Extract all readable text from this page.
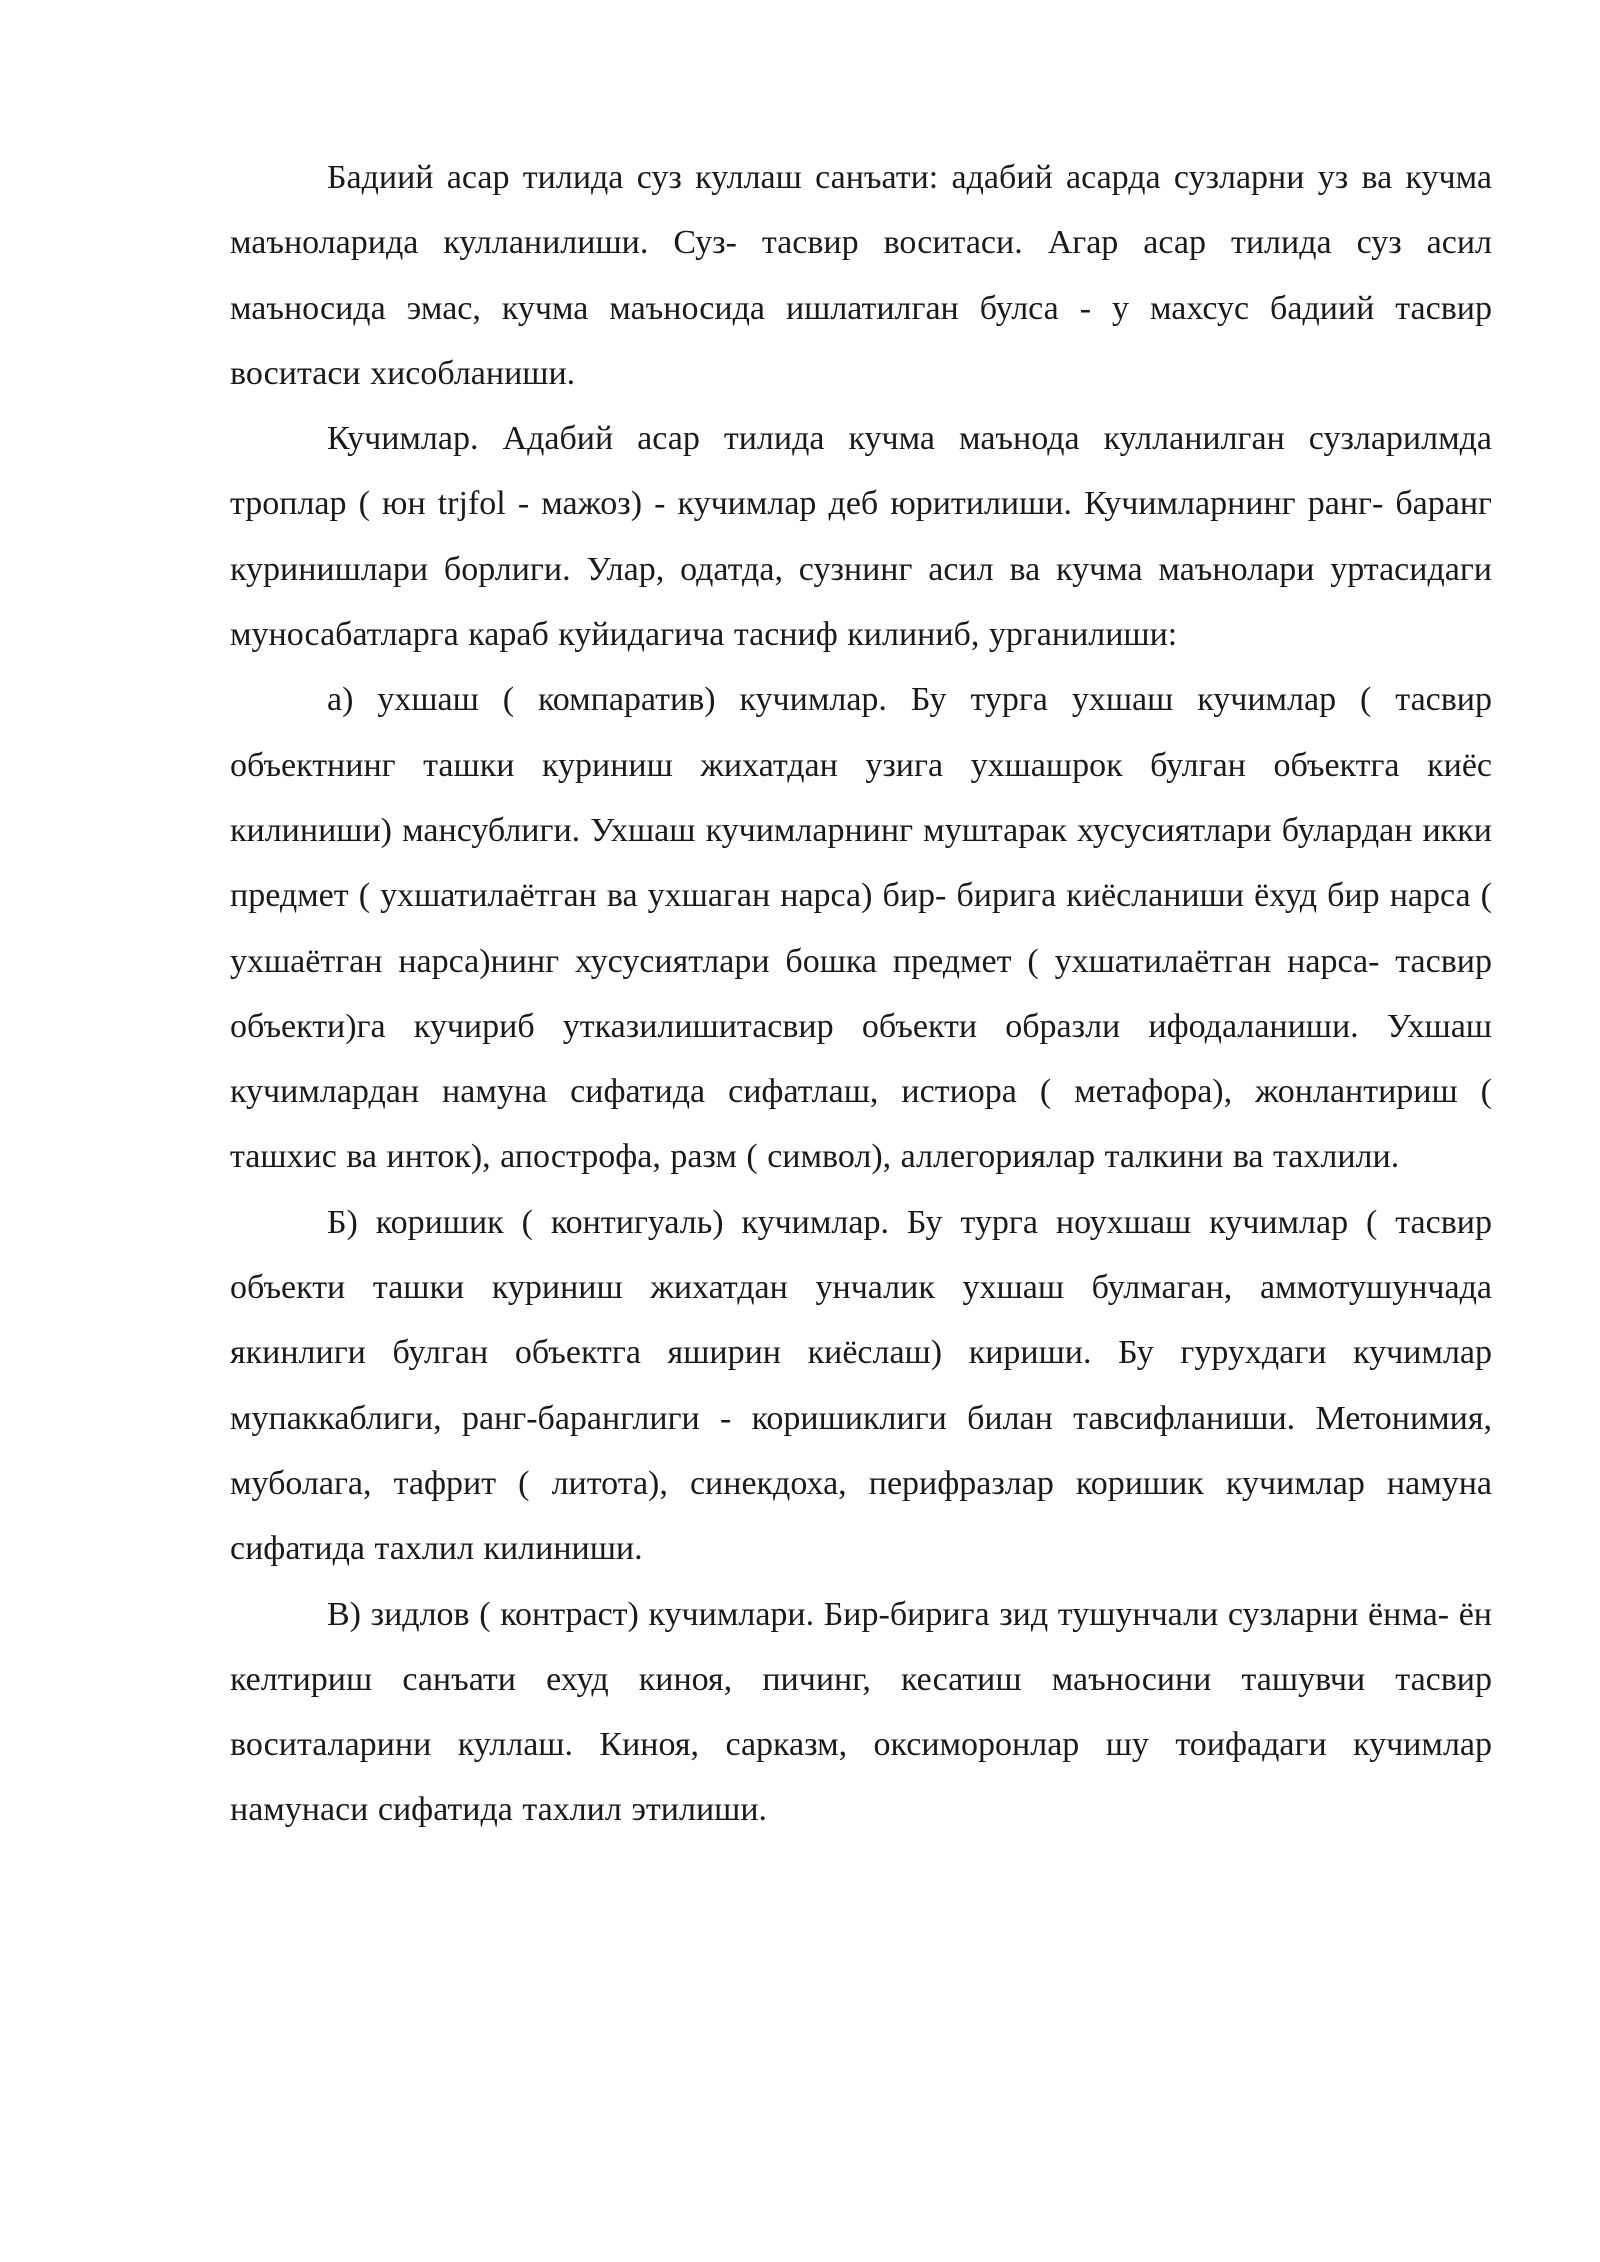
Бадиий асар тилида суз куллаш санъати: адабий асарда сузларни уз ва кучма маъноларида кулланилиши. Суз- тасвир воситаси. Агар асар тилида суз асил маъносида эмас, кучма маъносида ишлатилган булса - у махсус бадиий тасвир воситаси хисобланиши.

Кучимлар. Адабий асар тилида кучма маънода кулланилган сузларилмда троплар ( юн trjfol - мажоз) - кучимлар деб юритилиши. Кучимларнинг ранг- баранг куринишлари борлиги. Улар, одатда, сузнинг асил ва кучма маънолари уртасидаги муносабатларга караб куйидагича тасниф килиниб, урганилиши:

а) ухшаш ( компаратив) кучимлар. Бу турга ухшаш кучимлар ( тасвир объектнинг ташки куриниш жихатдан узига ухшашрок булган объектга киёс килиниши) мансублиги. Ухшаш кучимларнинг муштарак хусусиятлари булардан икки предмет ( ухшатилаётган ва ухшаган нарса) бир- бирига киёсланиши ёхуд бир нарса ( ухшаётган нарса)нинг хусусиятлари бошка предмет ( ухшатилаётган нарса- тасвир объекти)га кучириб утказилишитасвир объекти образли ифодаланиши. Ухшаш кучимлардан намуна сифатида сифатлаш, истиора ( метафора), жонлантириш ( ташхис ва инток), апострофа, разм ( символ), аллегориялар талкини ва тахлили.

Б) коришик ( контигуаль) кучимлар. Бу турга ноухшаш кучимлар ( тасвир объекти ташки куриниш жихатдан унчалик ухшаш булмаган, аммотушунчада якинлиги булган объектга яширин киёслаш) кириши. Бу гурухдаги кучимлар мупаккаблиги, ранг-баранглиги - коришиклиги билан тавсифланиши. Метонимия, муболага, тафрит ( литота), синекдоха, перифразлар коришик кучимлар намуна сифатида тахлил килиниши.

В) зидлов ( контраст) кучимлари. Бир-бирига зид тушунчали сузларни ёнма- ён келтириш санъати ехуд киноя, пичинг, кесатиш маъносини ташувчи тасвир воситаларини куллаш. Киноя, сарказм, оксиморонлар шу тоифадаги кучимлар намунаси сифатида тахлил этилиши.
